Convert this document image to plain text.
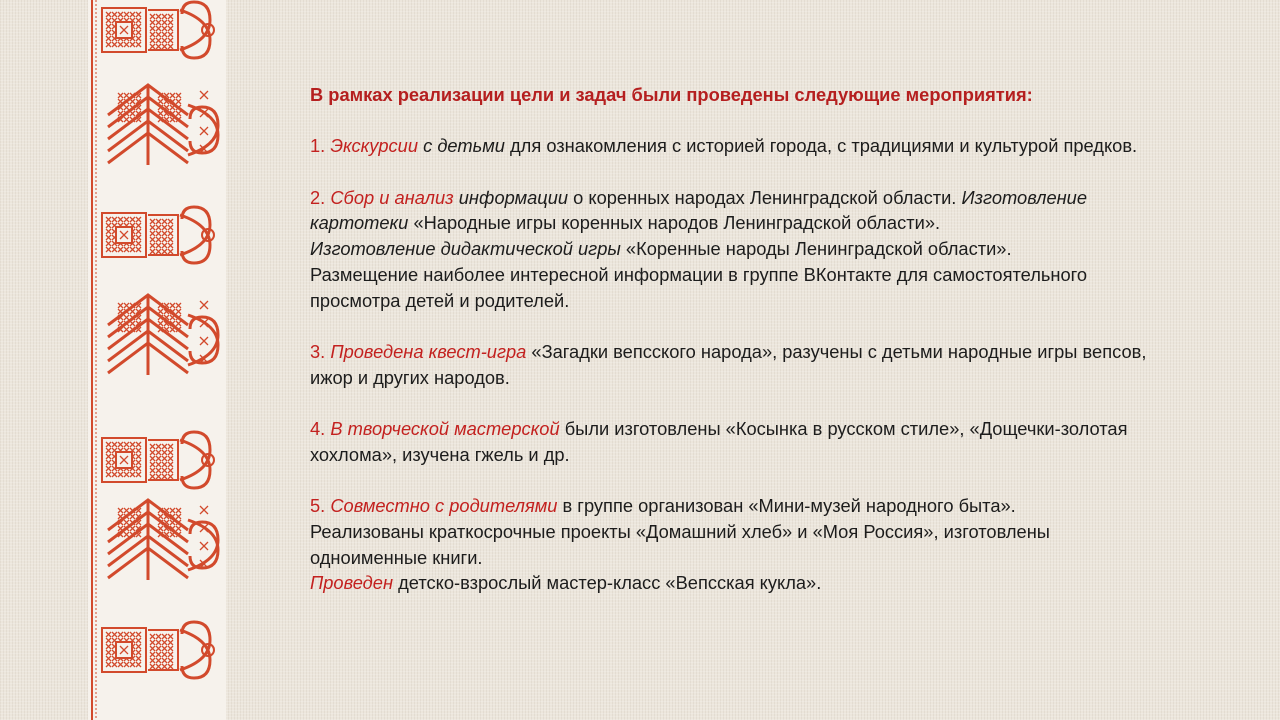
В рамках реализации цели и задач были проведены следующие мероприятия:

1. Экскурсии с детьми для ознакомления с историей города, с традициями и культурой предков.

2. Сбор и анализ информации о коренных народах Ленинградской области. Изготовление картотеки «Народные игры коренных народов Ленинградской области».

Изготовление дидактической игры «Коренные народы Ленинградской области».

Размещение наиболее интересной информации в группе ВКонтакте для самостоятельного просмотра детей и родителей.

3. Проведена квест-игра «Загадки вепсского народа», разучены с детьми народные игры вепсов, ижор и других народов.

4. В творческой мастерской были изготовлены «Косынка в русском стиле», «Дощечки-золотая хохлома», изучена гжель и др.

5. Совместно с родителями в группе организован «Мини-музей народного быта».

Реализованы краткосрочные проекты «Домашний хлеб» и «Моя Россия», изготовлены одноименные книги.

Проведен детско-взрослый мастер-класс «Вепсская кукла».
